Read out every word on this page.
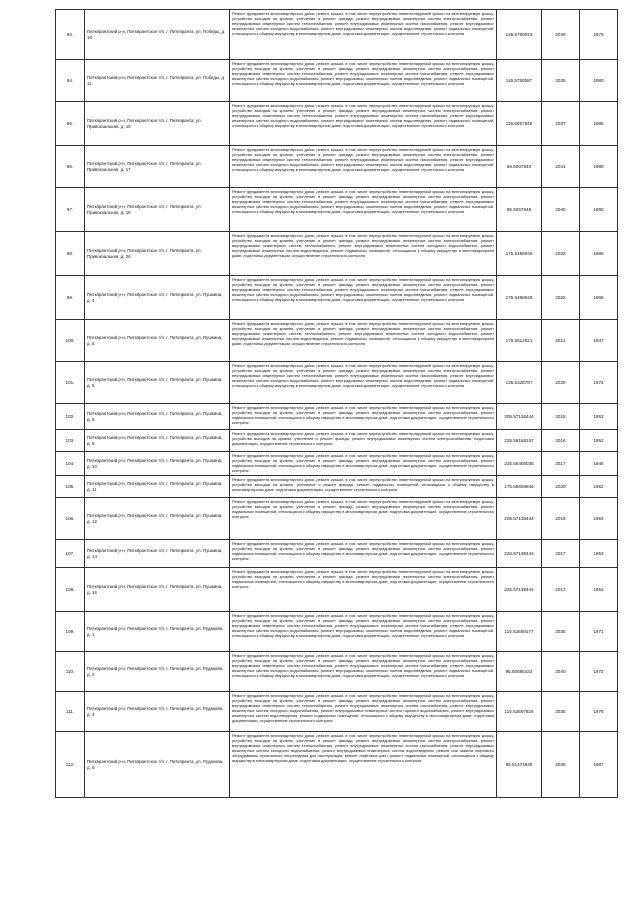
93.	Питкярантский р-н, Питкярантское г/п, г. Питкяранта, ул. Победы, д. 10	Ремонт фундамента многоквартирного дома, ремонт крыши, в том числе переустройство невентилируемой крыши на вентилируемую крышу, устройство выходов на кровлю, утепление и ремонт фасада, ремонт внутридомовых инженерных систем электроснабжения, ремонт внутридомовых инженерных систем теплоснабжения, ремонт внутридомовых инженерных систем газоснабжения, ремонт внутридомовых инженерных систем холодного водоснабжения, ремонт внутридомовых инженерных систем водоотведения, ремонт подвальных помещений, относящихся к общему имуществу в многоквартирном доме, подготовка документации, осуществление строительного контроля	135.5760023	2030	1979
94.	Питкярантский р-н, Питкярантское г/п, г. Питкяранта, ул. Победы, д. 11	Ремонт фундамента многоквартирного дома, ремонт крыши, в том числе переустройство невентилируемой крыши на вентилируемую крышу, устройство выходов на кровлю, утепление и ремонт фасада, ремонт внутридомовых инженерных систем электроснабжения, ремонт внутридомовых инженерных систем теплоснабжения, ремонт внутридомовых инженерных систем газоснабжения, ремонт внутридомовых инженерных систем холодного водоснабжения, ремонт внутридомовых инженерных систем водоотведения, ремонт подвальных помещений, относящихся к общему имуществу в многоквартирном доме, подготовка документации, осуществление строительного контроля	115.5750587	2035	1980
95.	Питкярантский р-н, Питкярантское г/п, г. Питкяранта, ул. Привокзальная, д. 15	Ремонт фундамента многоквартирного дома, ремонт крыши, в том числе переустройство невентилируемой крыши на вентилируемую крышу, устройство выходов на кровлю, утепление и ремонт фасада, ремонт внутридомовых инженерных систем электроснабжения, ремонт внутридомовых инженерных систем теплоснабжения, ремонт внутридомовых инженерных систем газоснабжения, ремонт внутридомовых инженерных систем холодного водоснабжения, ремонт внутридомовых инженерных систем водоотведения, ремонт подвальных помещений, относящихся к общему имуществу в многоквартирном доме, подготовка документации, осуществление строительного контроля	115.5057848	2037	1985
96.	Питкярантский р-н, Питкярантское г/п, г. Питкяранта, ул. Привокзальная, д. 17	Ремонт фундамента многоквартирного дома, ремонт крыши, в том числе переустройство невентилируемой крыши на вентилируемую крышу, устройство выходов на кровлю, утепление и ремонт фасада, ремонт внутридомовых инженерных систем электроснабжения, ремонт внутридомовых инженерных систем теплоснабжения, ремонт внутридомовых инженерных систем газоснабжения, ремонт внутридомовых инженерных систем холодного водоснабжения, ремонт внутридомовых инженерных систем водоотведения, ремонт подвальных помещений, относящихся к общему имуществу в многоквартирном доме, подготовка документации, осуществление строительного контроля	95.5007840	2041	1989
97.	Питкярантский р-н, Питкярантское г/п, г. Питкяранта, ул. Привокзальная, д. 19	Ремонт фундамента многоквартирного дома, ремонт крыши, в том числе переустройство невентилируемой крыши на вентилируемую крышу, устройство выходов на кровлю, утепление и ремонт фасада, ремонт внутридомовых инженерных систем электроснабжения, ремонт внутридомовых инженерных систем теплоснабжения, ремонт внутридомовых инженерных систем газоснабжения, ремонт внутридомовых инженерных систем холодного водоснабжения, ремонт внутридомовых инженерных систем водоотведения, ремонт подвальных помещений, относящихся к общему имуществу в многоквартирном доме, подготовка документации, осуществление строительного контроля	95.5057848	2040	1990
98.	Питкярантский р-н, Питкярантское г/п, г. Питкяранта, ул. Привокзальная, д. 26	Ремонт фундамента многоквартирного дома, ремонт крыши, в том числе переустройство невентилируемой крыши на вентилируемую крышу, устройство выходов на кровлю, утепление и ремонт фасада, ремонт внутридомовых инженерных систем электроснабжения, ремонт внутридомовых инженерных систем теплоснабжения, ремонт внутридомовых инженерных систем холодного водоснабжения, ремонт внутридомовых инженерных систем водоотведения, ремонт подвальных помещений, относящихся к общему имуществу в многоквартирном доме, подготовка документации, осуществление строительного контроля	175.5458948	2022	1985
99.	Питкярантский р-н, Питкярантское г/п, г. Питкяранта, ул. Пушкина, д. 4	Ремонт фундамента многоквартирного дома, ремонт крыши, в том числе переустройство невентилируемой крыши на вентилируемую крышу, устройство выходов на кровлю, утепление и ремонт фасада, ремонт внутридомовых инженерных систем электроснабжения, ремонт внутридомовых инженерных систем теплоснабжения, ремонт внутридомовых инженерных систем газоснабжения, ремонт внутридомовых инженерных систем холодного водоснабжения, ремонт внутридомовых инженерных систем водоотведения, ремонт подвальных помещений, относящихся к общему имуществу в многоквартирном доме, подготовка документации, осуществление строительного контроля	175.5458948	2022	1966
100.	Питкярантский р-н, Питкярантское г/п, г. Питкяранта, ул. Пушкина, д. 5	Ремонт фундамента многоквартирного дома, ремонт крыши, в том числе переустройство невентилируемой крыши на вентилируемую крышу, устройство выходов на кровлю, утепление и ремонт фасада, ремонт внутридомовых инженерных систем электроснабжения, ремонт внутридомовых инженерных систем теплоснабжения, ремонт внутридомовых инженерных систем холодного водоснабжения, ремонт внутридомовых инженерных систем водоотведения, ремонт подвальных помещений, относящихся к общему имуществу в многоквартирном доме, подготовка документации, осуществление строительного контроля	175.5512821	2021	1947
101.	Питкярантский р-н, Питкярантское г/п, г. Питкяранта, ул. Пушкина, д. 6	Ремонт фундамента многоквартирного дома, ремонт крыши, в том числе переустройство невентилируемой крыши на вентилируемую крышу, устройство выходов на кровлю, утепление и ремонт фасада, ремонт внутридомовых инженерных систем электроснабжения, ремонт внутридомовых инженерных систем теплоснабжения, ремонт внутридомовых инженерных систем газоснабжения, ремонт внутридомовых инженерных систем холодного водоснабжения, ремонт внутридомовых инженерных систем водоотведения, ремонт подвальных помещений, относящихся к общему имуществу в многоквартирном доме, подготовка документации, осуществление строительного контроля	135.5328787	2029	1972
102.	Питкярантский р-н, Питкярантское г/п, г. Питкяранта, ул. Пушкина, д. 8	Ремонт фундамента многоквартирного дома, ремонт крыши, в том числе переустройство невентилируемой крыши на вентилируемую крышу, устройство выходов на кровлю, утепление и ремонт фасада, ремонт внутридомовых инженерных систем электроснабжения, ремонт подвальных помещений, относящихся к общему имуществу в многоквартирном доме, подготовка документации, осуществление строительного контроля	205.57138444	2018	1953
103.	Питкярантский р-н, Питкярантское г/п, г. Питкяранта, ул. Пушкина, д. 9	Ремонт фундамента многоквартирного дома, ремонт крыши, в том числе переустройство невентилируемой крыши на вентилируемую крышу, устройство выходов на кровлю, утепление и ремонт фасада, ремонт внутридомовых инженерных систем электроснабжения, подготовка документации, осуществление строительного контроля	225.56168157	2016	1952
104.	Питкярантский р-н, Питкярантское г/п, г. Питкяранта, ул. Пушкина, д. 10	Ремонт фундамента многоквартирного дома, ремонт крыши, в том числе переустройство невентилируемой крыши на вентилируемую крышу, устройство выходов на кровлю, утепление и ремонт фасада, ремонт внутридомовых инженерных систем электроснабжения, ремонт подвальных помещений, относящихся к общему имуществу в многоквартирном доме, подготовка документации, осуществление строительного контроля	225.56406035	2017	1946
105.	Питкярантский р-н, Питкярантское г/п, г. Питкяранта, ул. Пушкина, д. 11	Ремонт фундамента многоквартирного дома, ремонт крыши, в том числе переустройство невентилируемой крыши на вентилируемую крышу, устройство выходов на кровлю, утепление и ремонт фасада, ремонт подвальных помещений, относящихся к общему имуществу в многоквартирном доме, подготовка документации, осуществление строительного контроля	175.55608846	2020	1952
106.	Питкярантский р-н, Питкярантское г/п, г. Питкяранта, ул. Пушкина, д. 12	Ремонт фундамента многоквартирного дома, ремонт крыши, в том числе переустройство невентилируемой крыши на вентилируемую крышу, устройство выходов на кровлю, утепление и ремонт фасада, ремонт внутридомовых инженерных систем электроснабжения, ремонт подвальных помещений, относящихся к общему имуществу в многоквартирном доме, подготовка документации, осуществление строительного контроля	205.57138444	2018	1953
107.	Питкярантский р-н, Питкярантское г/п, г. Питкяранта, ул. Пушкина, д. 14	Ремонт фундамента многоквартирного дома, ремонт крыши, в том числе переустройство невентилируемой крыши на вентилируемую крышу, устройство выходов на кровлю, утепление и ремонт фасада, ремонт внутридомовых инженерных систем электроснабжения, ремонт подвальных помещений, относящихся к общему имуществу в многоквартирном доме, подготовка документации, осуществление строительного контроля	225.57138444	2017	1953
108.	Питкярантский р-н, Питкярантское г/п, г. Питкяранта, ул. Пушкина, д. 16	Ремонт фундамента многоквартирного дома, ремонт крыши, в том числе переустройство невентилируемой крыши на вентилируемую крышу, устройство выходов на кровлю, утепление и ремонт фасада, ремонт внутридомовых инженерных систем электроснабжения, ремонт подвальных помещений, относящихся к общему имуществу в многоквартирном доме, подготовка документации, осуществление строительного контроля	225.57138444	2017	1953
109.	Питкярантский р-н, Питкярантское г/п, г. Питкяранта, ул. Рудакова, д. 1	Ремонт фундамента многоквартирного дома, ремонт крыши, в том числе переустройство невентилируемой крыши на вентилируемую крышу, устройство выходов на кровлю, утепление и ремонт фасада, ремонт внутридомовых инженерных систем электроснабжения, ремонт внутридомовых инженерных систем теплоснабжения, ремонт внутридомовых инженерных систем газоснабжения, ремонт внутридомовых инженерных систем холодного водоснабжения, ремонт внутридомовых инженерных систем водоотведения, ремонт подвальных помещений, относящихся к общему имуществу в многоквартирном доме, подготовка документации, осуществление строительного контроля	115.52659177	2035	1971
110.	Питкярантский р-н, Питкярантское г/п, г. Питкяранта, ул. Рудакова, д. 2	Ремонт фундамента многоквартирного дома, ремонт крыши, в том числе переустройство невентилируемой крыши на вентилируемую крышу, устройство выходов на кровлю, утепление и ремонт фасада, ремонт внутридомовых инженерных систем электроснабжения, ремонт внутридомовых инженерных систем теплоснабжения, ремонт внутридомовых инженерных систем газоснабжения, ремонт внутридомовых инженерных систем холодного водоснабжения, ремонт внутридомовых инженерных систем водоотведения, ремонт подвальных помещений, относящихся к общему имуществу в многоквартирном доме, подготовка документации, осуществление строительного контроля	95.50686432	2040	1972
111.	Питкярантский р-н, Питкярантское г/п, г. Питкяранта, ул. Рудакова, д. 4	Ремонт фундамента многоквартирного дома, ремонт крыши, в том числе переустройство невентилируемой крыши на вентилируемую крышу, устройство выходов на кровлю, утепление и ремонт фасада, ремонт внутридомовых инженерных систем электроснабжения, ремонт внутридомовых инженерных систем теплоснабжения, ремонт внутридомовых инженерных систем газоснабжения, ремонт внутридомовых инженерных систем холодного водоснабжения, ремонт внутридомовых инженерных систем горячего водоснабжения, ремонт внутридомовых инженерных систем водоотведения, ремонт подвальных помещений, относящихся к общему имуществу в многоквартирном доме, подготовка документации, осуществление строительного контроля	115.52587626	2035	1976
112.	Питкярантский р-н, Питкярантское г/п, г. Питкяранта, ул. Рудакова, д. 6	Ремонт фундамента многоквартирного дома, ремонт крыши, в том числе переустройство невентилируемой крыши на вентилируемую крышу, устройство выходов на кровлю, утепление и ремонт фасада, ремонт внутридомовых инженерных систем электроснабжения, ремонт внутридомовых инженерных систем теплоснабжения, ремонт внутридомовых инженерных систем газоснабжения, ремонт внутридомовых инженерных систем холодного водоснабжения, ремонт внутридомовых инженерных систем водоотведения, ремонт или замена лифтового оборудования, признанного непригодным для эксплуатации, ремонт лифтовых шахт, ремонт подвальных помещений, относящихся к общему имуществу в многоквартирном доме, подготовка документации, осуществление строительного контроля	95.51473648	2039	1987
